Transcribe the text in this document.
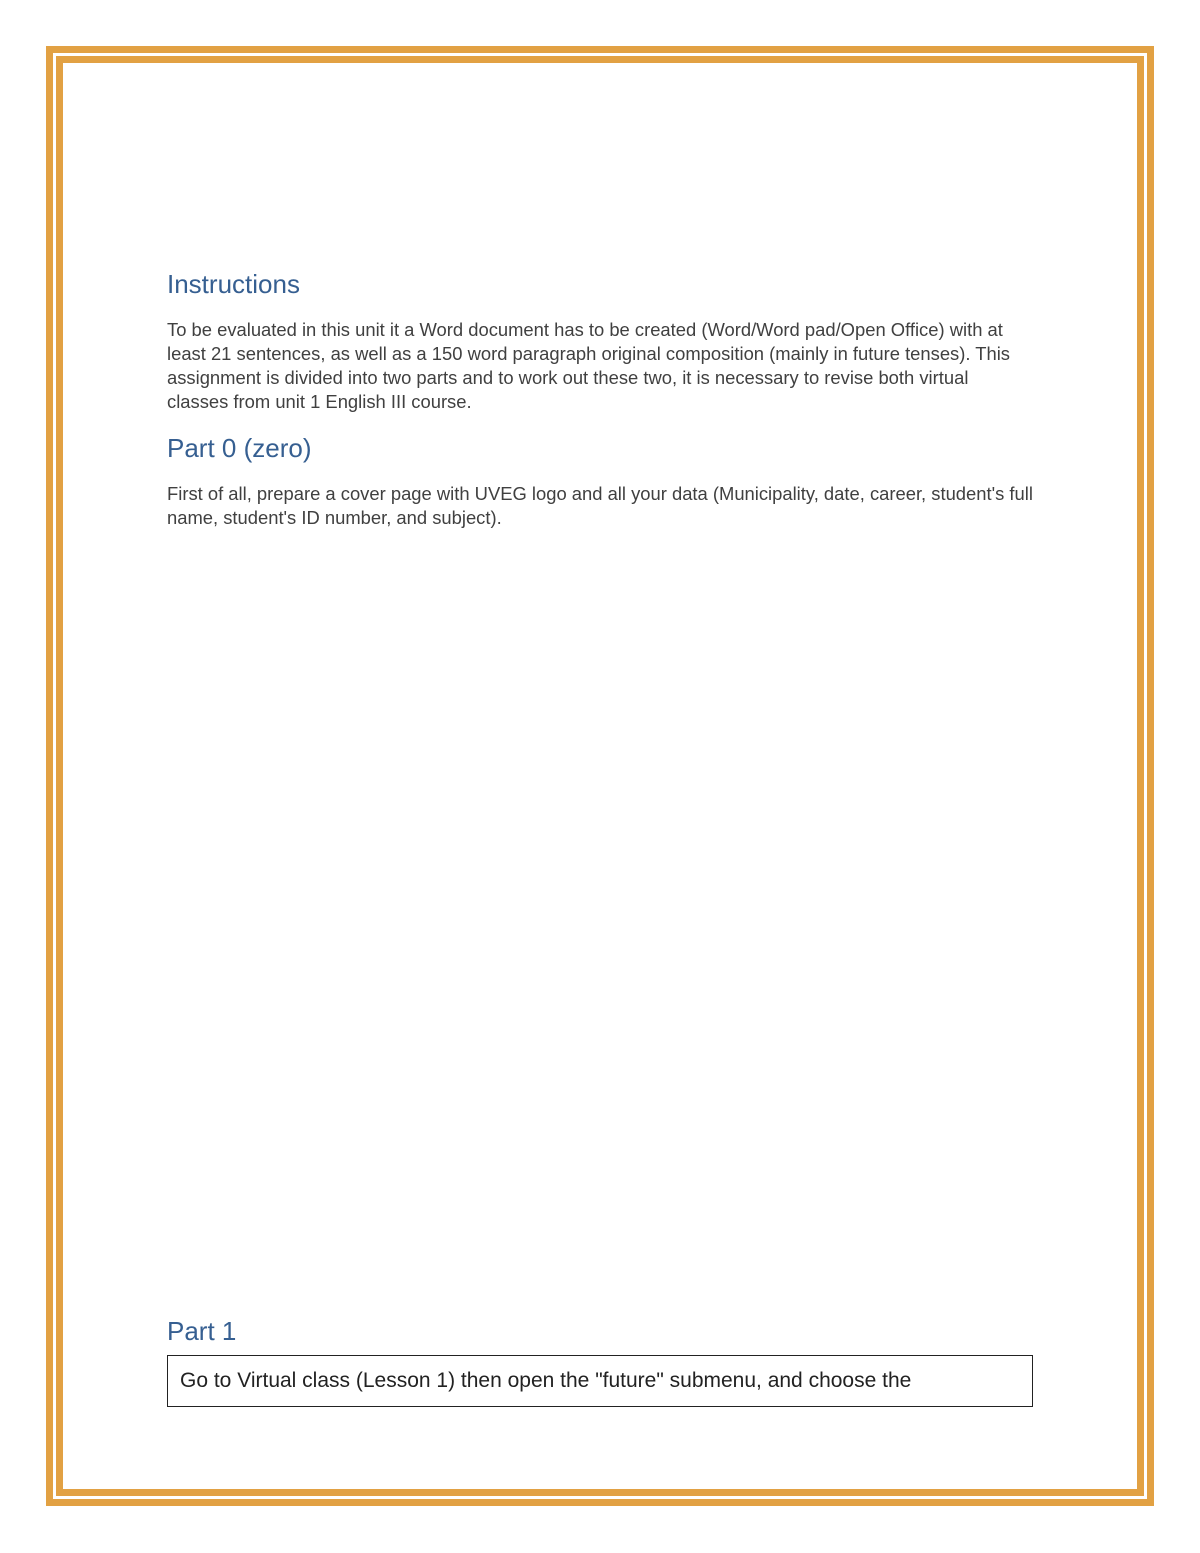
Instructions

To be evaluated in this unit it a Word document has to be created (Word/Word pad/Open Office) with at least 21 sentences, as well as a 150 word paragraph original composition (mainly in future tenses). This assignment is divided into two parts and to work out these two, it is necessary to revise both virtual classes from unit 1 English III course.

Part 0 (zero)

First of all, prepare a cover page with UVEG logo and all your data (Municipality, date, career, student's full name, student's ID number, and subject).

Part 1
Go to Virtual class (Lesson 1) then open the "future" submenu, and choose the
